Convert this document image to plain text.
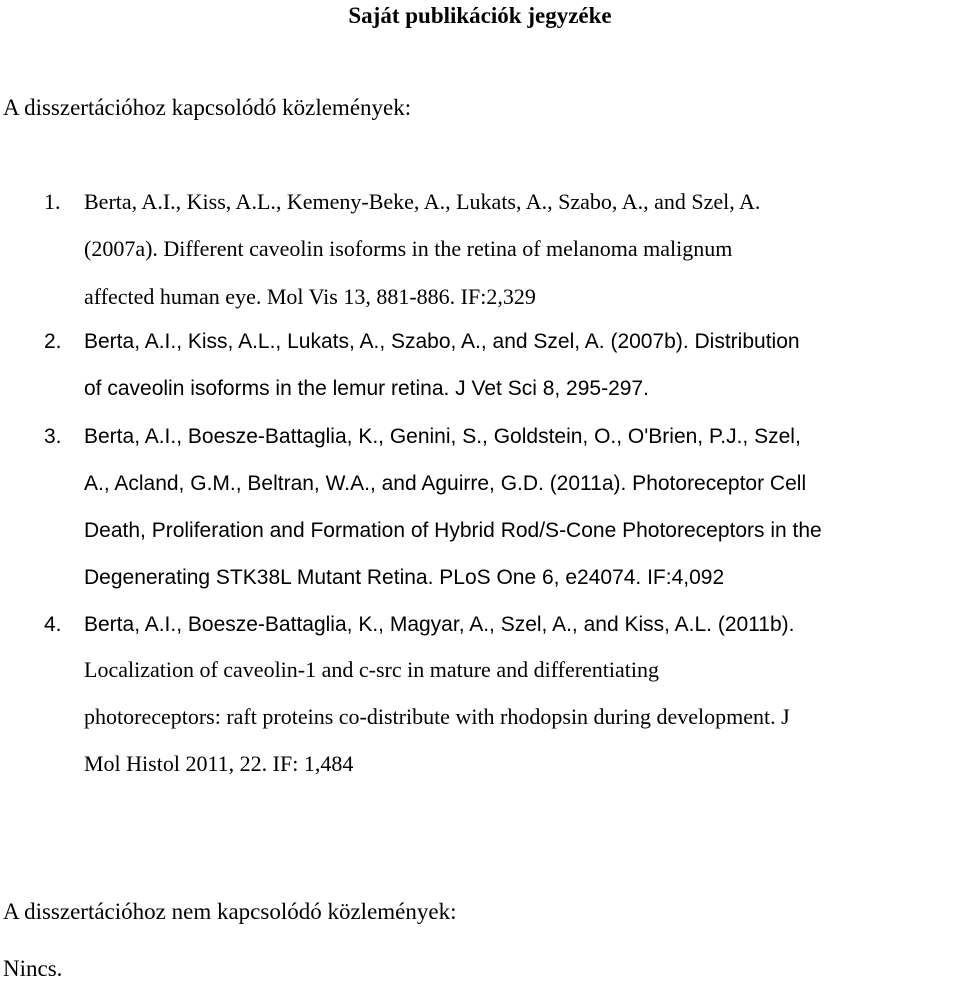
Saját publikációk jegyzéke
A disszertációhoz kapcsolódó közlemények:
1. Berta, A.I., Kiss, A.L., Kemeny-Beke, A., Lukats, A., Szabo, A., and Szel, A.
(2007a). Different caveolin isoforms in the retina of melanoma malignum
affected human eye. Mol Vis 13, 881-886. IF:2,329
2. Berta, A.I., Kiss, A.L., Lukats, A., Szabo, A., and Szel, A. (2007b). Distribution
of caveolin isoforms in the lemur retina. J Vet Sci 8, 295-297.
3. Berta, A.I., Boesze-Battaglia, K., Genini, S., Goldstein, O., O'Brien, P.J., Szel,
A., Acland, G.M., Beltran, W.A., and Aguirre, G.D. (2011a). Photoreceptor Cell
Death, Proliferation and Formation of Hybrid Rod/S-Cone Photoreceptors in the
Degenerating STK38L Mutant Retina. PLoS One 6, e24074. IF:4,092
4. Berta, A.I., Boesze-Battaglia, K., Magyar, A., Szel, A., and Kiss, A.L. (2011b).
Localization of caveolin-1 and c-src in mature and differentiating
photoreceptors: raft proteins co-distribute with rhodopsin during development. J
Mol Histol 2011, 22. IF: 1,484
A disszertációhoz nem kapcsolódó közlemények:
Nincs.
